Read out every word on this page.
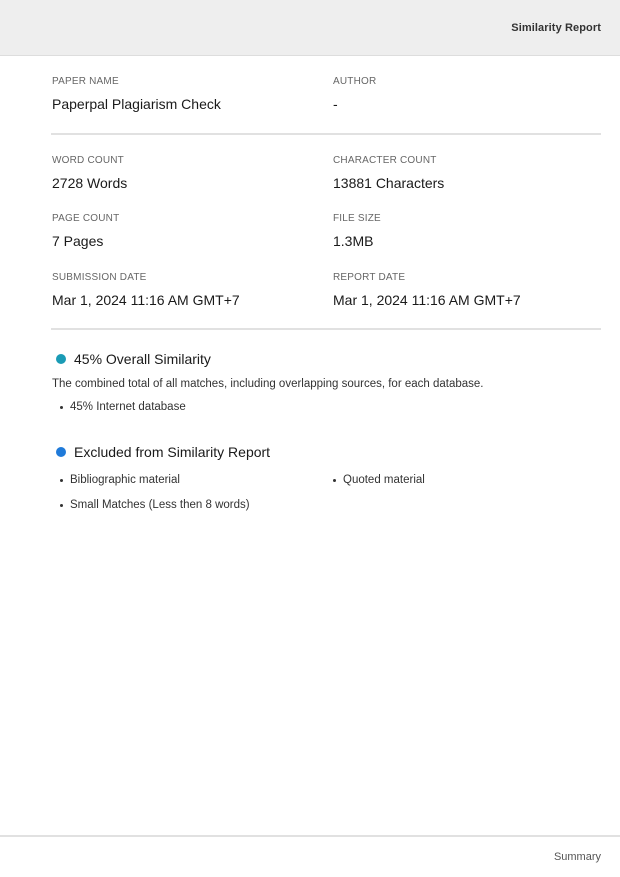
Similarity Report
PAPER NAME
Paperpal Plagiarism Check
AUTHOR
-
WORD COUNT
2728 Words
CHARACTER COUNT
13881 Characters
PAGE COUNT
7 Pages
FILE SIZE
1.3MB
SUBMISSION DATE
Mar 1, 2024 11:16 AM GMT+7
REPORT DATE
Mar 1, 2024 11:16 AM GMT+7
45% Overall Similarity
The combined total of all matches, including overlapping sources, for each database.
45% Internet database
Excluded from Similarity Report
Bibliographic material	Quoted material
Small Matches (Less then 8 words)
Summary
